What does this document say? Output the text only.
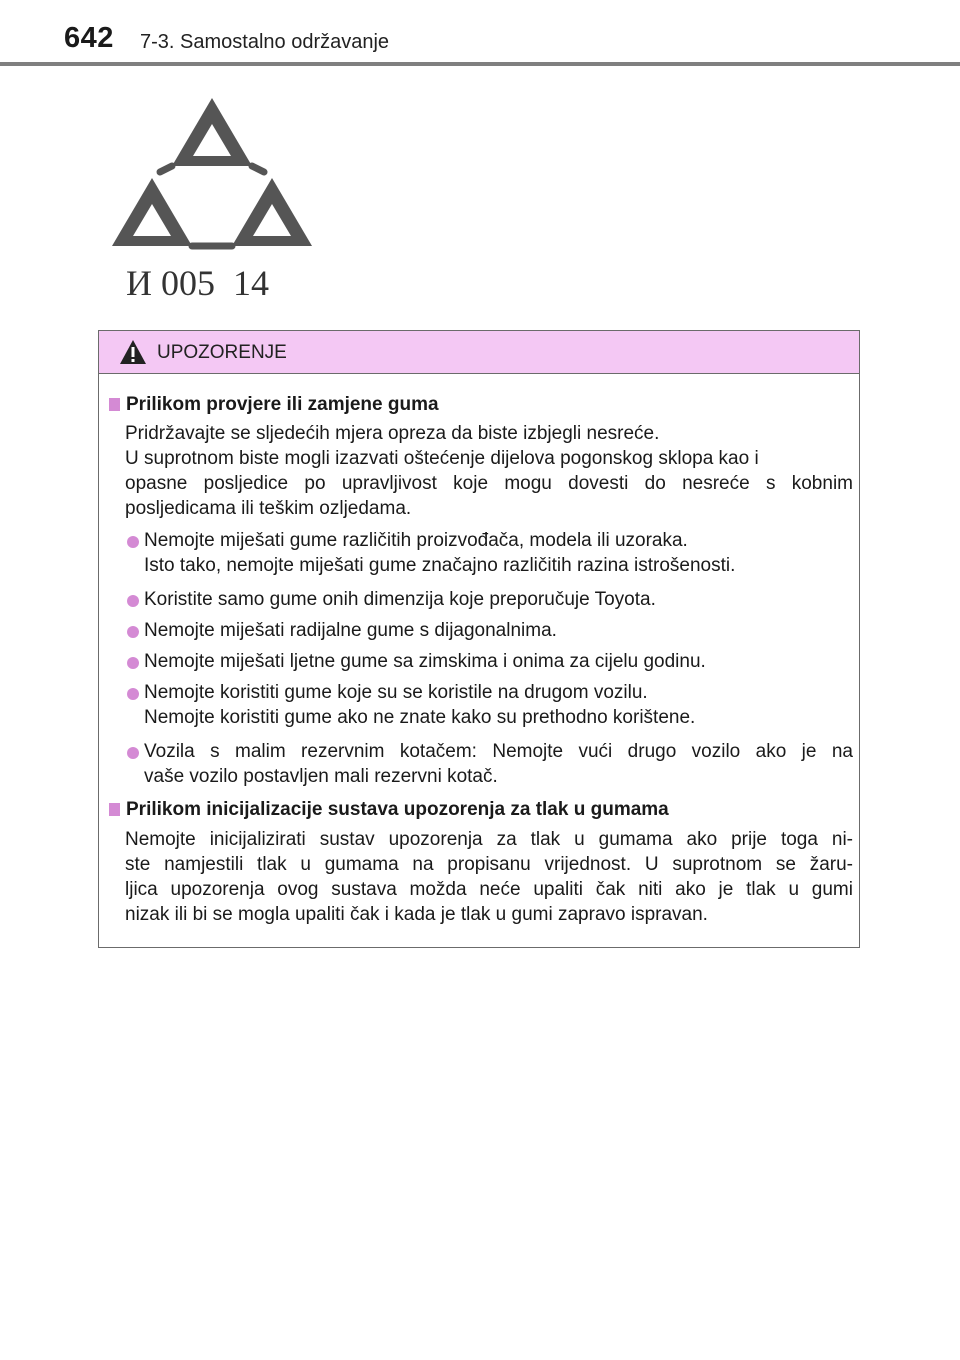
642 7-3. Samostalno održavanje
И 005  14
UPOZORENJE
Prilikom provjere ili zamjene guma
Pridržavajte se sljedećih mjera opreza da biste izbjegli nesreće.
U suprotnom biste mogli izazvati oštećenje dijelova pogonskog sklopa kao i
opasne posljedice po upravljivost koje mogu dovesti do nesreće s kobnim
posljedicama ili teškim ozljedama.
Nemojte miješati gume različitih proizvođača, modela ili uzoraka.
Isto tako, nemojte miješati gume značajno različitih razina istrošenosti.
Koristite samo gume onih dimenzija koje preporučuje Toyota.
Nemojte miješati radijalne gume s dijagonalnima.
Nemojte miješati ljetne gume sa zimskima i onima za cijelu godinu.
Nemojte koristiti gume koje su se koristile na drugom vozilu.
Nemojte koristiti gume ako ne znate kako su prethodno korištene.
Vozila s malim rezervnim kotačem: Nemojte vući drugo vozilo ako je na
vaše vozilo postavljen mali rezervni kotač.
Prilikom inicijalizacije sustava upozorenja za tlak u gumama
Nemojte inicijalizirati sustav upozorenja za tlak u gumama ako prije toga ni-
ste namjestili tlak u gumama na propisanu vrijednost. U suprotnom se žaru-
ljica upozorenja ovog sustava možda neće upaliti čak niti ako je tlak u gumi
nizak ili bi se mogla upaliti čak i kada je tlak u gumi zapravo ispravan.
